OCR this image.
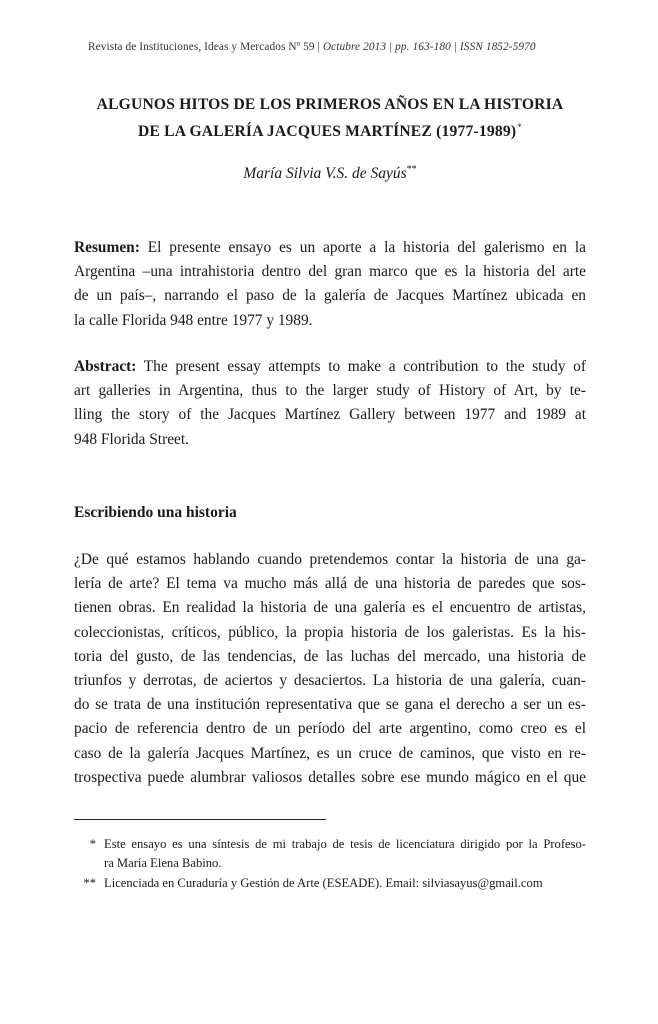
Revista de Instituciones, Ideas y Mercados Nº 59 | Octubre 2013 | pp. 163-180 | ISSN 1852-5970
ALGUNOS HITOS DE LOS PRIMEROS AÑOS EN LA HISTORIA
DE LA GALERÍA JACQUES MARTÍNEZ (1977-1989)*
María Silvia V.S. de Sayús**
Resumen: El presente ensayo es un aporte a la historia del galerismo en la
Argentina –una intrahistoria dentro del gran marco que es la historia del arte
de un país–, narrando el paso de la galería de Jacques Martínez ubicada en
la calle Florida 948 entre 1977 y 1989.
Abstract: The present essay attempts to make a contribution to the study of
art galleries in Argentina, thus to the larger study of History of Art, by te-
lling the story of the Jacques Martínez Gallery between 1977 and 1989 at
948 Florida Street.
Escribiendo una historia
¿De qué estamos hablando cuando pretendemos contar la historia de una ga-
lería de arte? El tema va mucho más allá de una historia de paredes que sos-
tienen obras. En realidad la historia de una galería es el encuentro de artistas,
coleccionistas, críticos, público, la propia historia de los galeristas. Es la his-
toria del gusto, de las tendencias, de las luchas del mercado, una historia de
triunfos y derrotas, de aciertos y desaciertos. La historia de una galería, cuan-
do se trata de una institución representativa que se gana el derecho a ser un es-
pacio de referencia dentro de un período del arte argentino, como creo es el
caso de la galería Jacques Martínez, es un cruce de caminos, que visto en re-
trospectiva puede alumbrar valiosos detalles sobre ese mundo mágico en el que
* Este ensayo es una síntesis de mi trabajo de tesis de licenciatura dirigido por la Profeso-
ra María Elena Babino.
** Licenciada en Curaduría y Gestión de Arte (ESEADE). Email: silviasayus@gmail.com
